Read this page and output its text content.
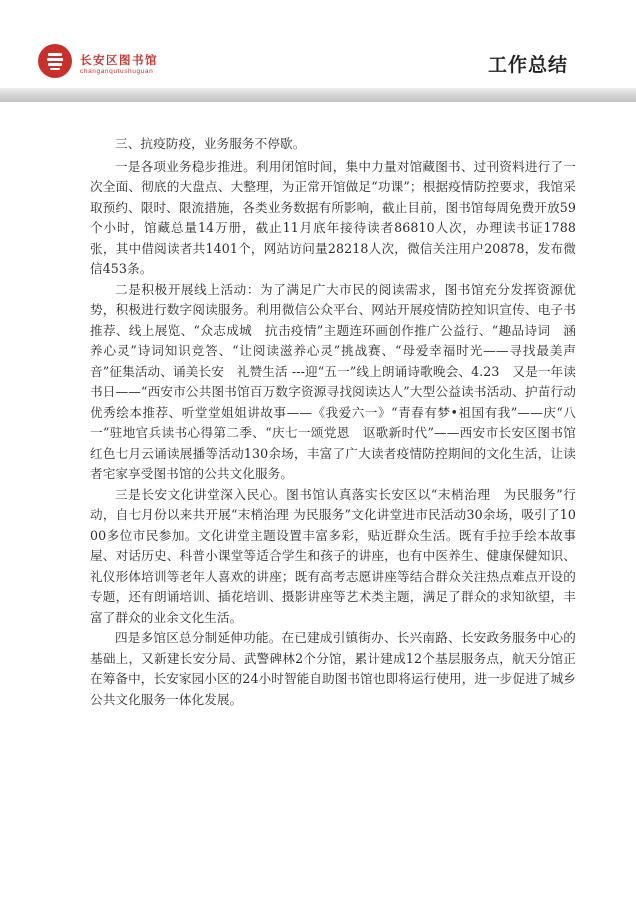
长安区图书馆
changanqutushuguan	工作总结

三、抗疫防疫，业务服务不停歇。

一是各项业务稳步推进。利用闭馆时间，集中力量对馆藏图书、过刊资料进行了一次全面、彻底的大盘点、大整理，为正常开馆做足“功课”；根据疫情防控要求，我馆采取预约、限时、限流措施，各类业务数据有所影响，截止目前，图书馆每周免费开放59个小时，馆藏总量14万册，截止11月底年接待读者86810人次，办理读书证1788张，其中借阅读者共1401个，网站访问量28218人次，微信关注用户20878，发布微信453条。

二是积极开展线上活动：为了满足广大市民的阅读需求，图书馆充分发挥资源优势，积极进行数字阅读服务。利用微信公众平台、网站开展疫情防控知识宣传、电子书推荐、线上展览、“众志成城　抗击疫情”主题连环画创作推广公益行、“趣品诗词　涵养心灵”诗词知识竞答、“让阅读滋养心灵”挑战赛、“母爱幸福时光——寻找最美声音”征集活动、诵美长安　礼赞生活 ---迎“五一”线上朗诵诗歌晚会、4.23　又是一年读书日——“西安市公共图书馆百万数字资源寻找阅读达人”大型公益读书活动、护苗行动　优秀绘本推荐、听堂堂姐姐讲故事——《我爱六一》“青春有梦•祖国有我”——庆“八一”驻地官兵读书心得第二季、“庆七一颂党恩　讴歌新时代”——西安市长安区图书馆红色七月云诵读展播等活动130余场，丰富了广大读者疫情防控期间的文化生活，让读者宅家享受图书馆的公共文化服务。

三是长安文化讲堂深入民心。图书馆认真落实长安区以“末梢治理　为民服务”行动，自七月份以来共开展“末梢治理 为民服务”文化讲堂进市民活动30余场，吸引了1000多位市民参加。文化讲堂主题设置丰富多彩，贴近群众生活。既有手拉手绘本故事屋、对话历史、科普小课堂等适合学生和孩子的讲座，也有中医养生、健康保健知识、礼仪形体培训等老年人喜欢的讲座；既有高考志愿讲座等结合群众关注热点难点开设的专题，还有朗诵培训、插花培训、摄影讲座等艺术类主题，满足了群众的求知欲望，丰富了群众的业余文化生活。

四是多馆区总分制延伸功能。在已建成引镇街办、长兴南路、长安政务服务中心的基础上，又新建长安分局、武警碑林2个分馆，累计建成12个基层服务点，航天分馆正在筹备中，长安家园小区的24小时智能自助图书馆也即将运行使用，进一步促进了城乡公共文化服务一体化发展。
